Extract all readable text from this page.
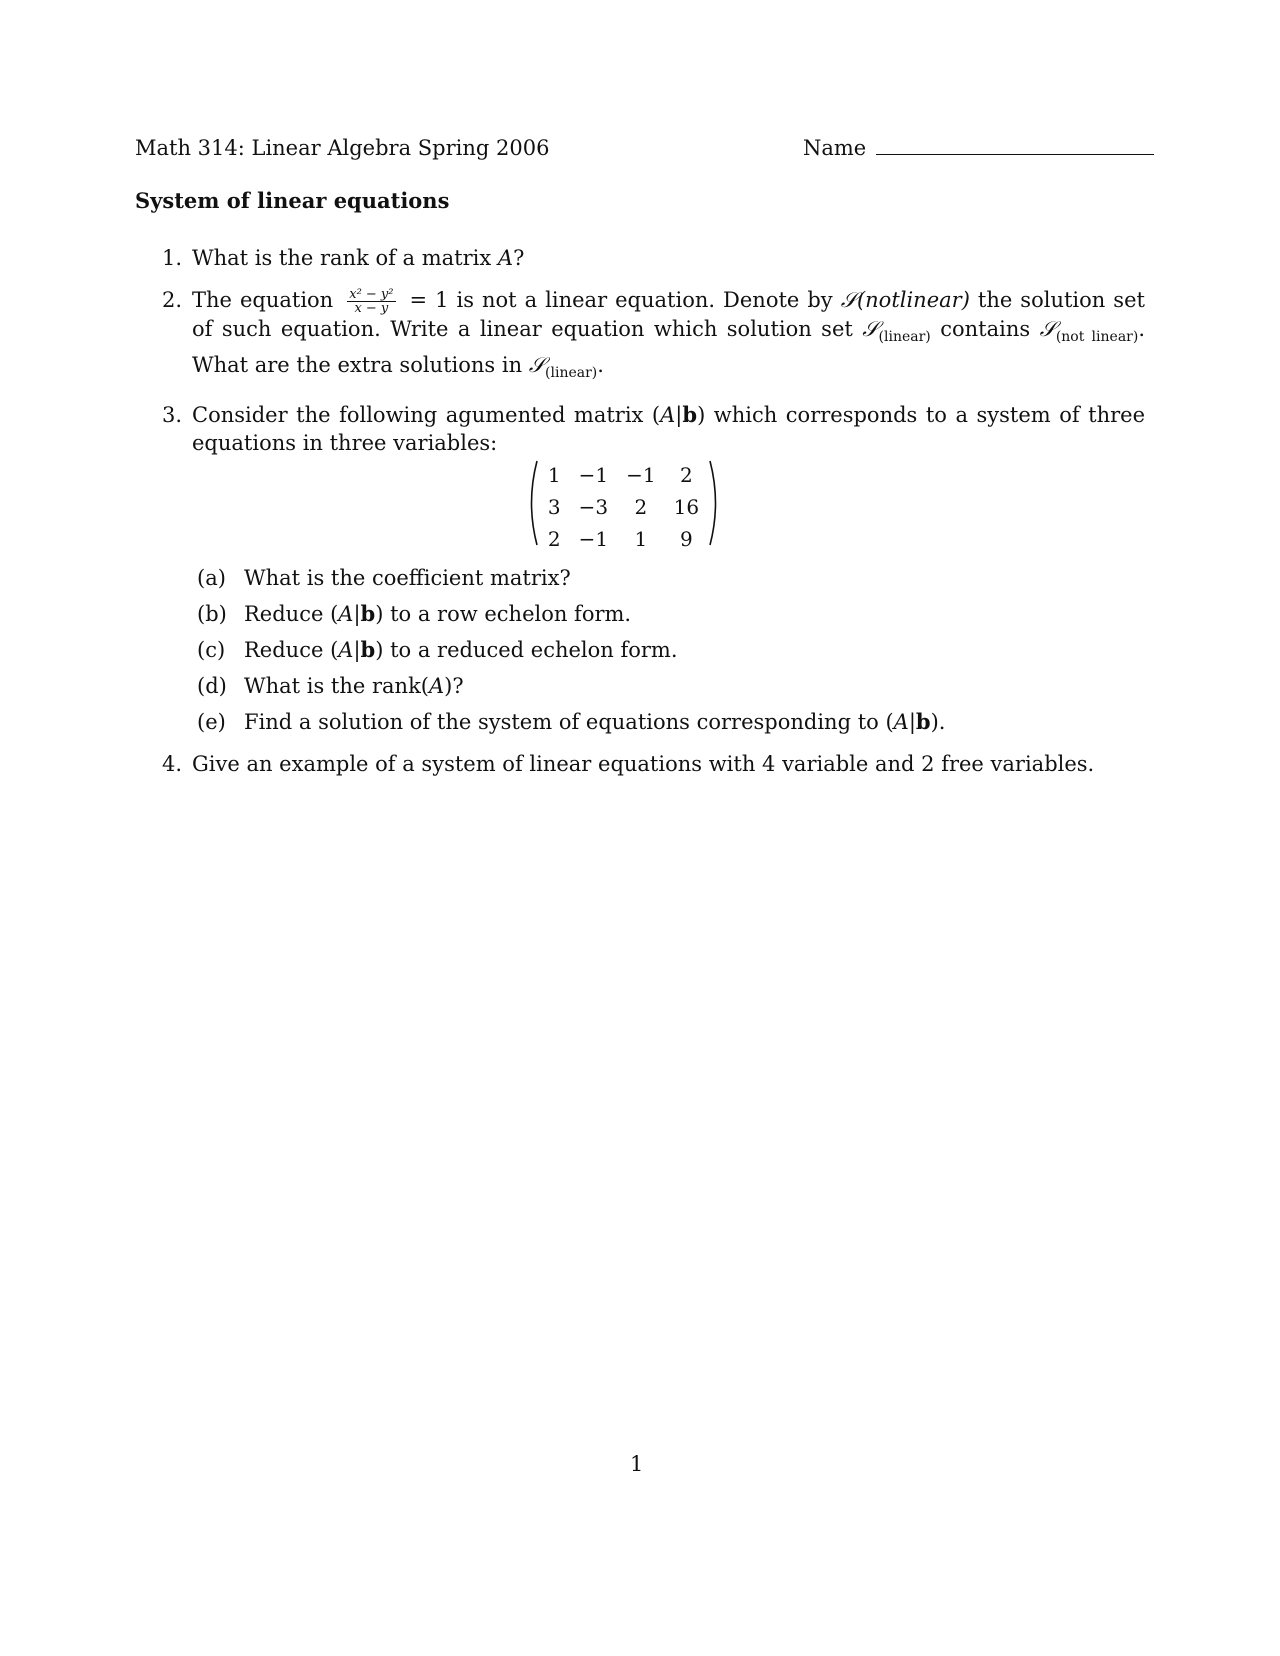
Math 314: Linear Algebra Spring 2006	Name
System of linear equations
1. What is the rank of a matrix A?
2. The equation $\frac{\text{x² − y²}}{x - y} = 1$ is not a linear equation. Denote by 𝒮(notlinear) the solution set of such equation. Write a linear equation which solution set 𝒮$_{(linear)}$ contains 𝒮$_{(not linear)}$. What are the extra solutions in 𝒮$_{(linear)}$.
3. Consider the following agumented matrix (A|b) which corresponds to a system of three equations in three variables:
1	−1	−1	2
3	−3	2	16
2	−1	1	9
(a) What is the coefficient matrix?
(b) Reduce (A|b) to a row echelon form.
(c) Reduce (A|b) to a reduced echelon form.
(d) What is the rank(A)?
(e) Find a solution of the system of equations corresponding to (A|b).
4. Give an example of a system of linear equations with 4 variable and 2 free variables.
1
